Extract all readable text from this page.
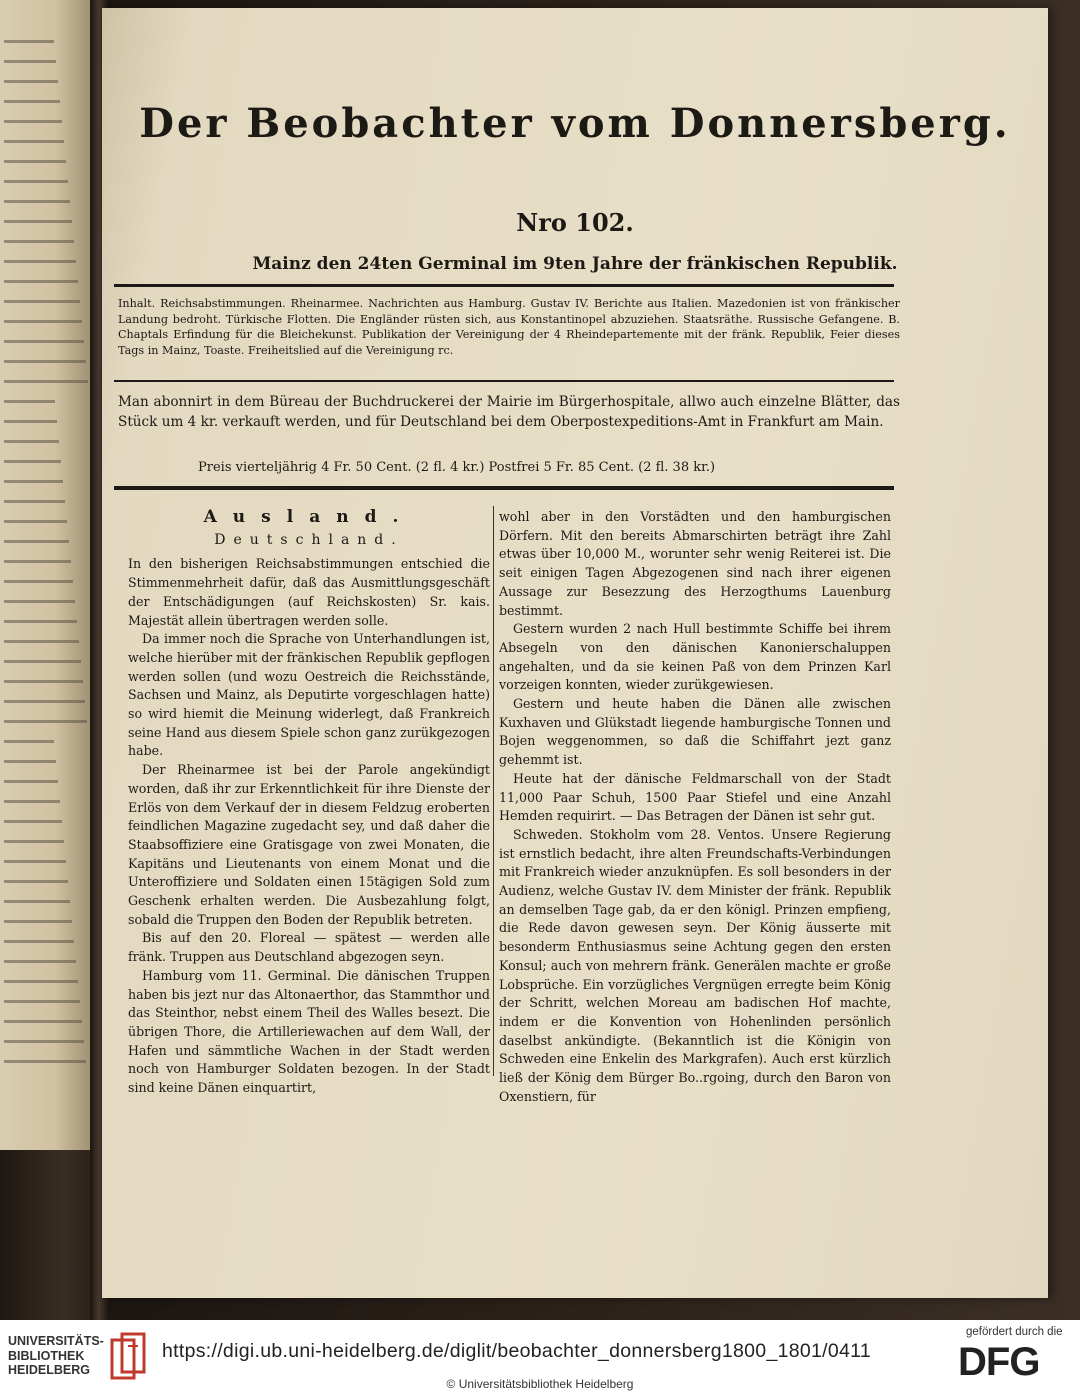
Der Beobachter vom Donnersberg.
Nro 102.
Mainz den 24ten Germinal im 9ten Jahre der fränkischen Republik.
Inhalt. Reichsabstimmungen. Rheinarmee. Nachrichten aus Hamburg. Gustav IV. Berichte aus Italien. Mazedonien ist von fränkischer Landung bedroht. Türkische Flotten. Die Engländer rüsten sich, aus Konstantinopel abzuziehen. Staatsräthe. Russische Gefangene. B. Chaptals Erfindung für die Bleichekunst. Publikation der Vereinigung der 4 Rheindepartemente mit der fränk. Republik, Feier dieses Tags in Mainz, Toaste. Freiheitslied auf die Vereinigung rc.
Man abonnirt in dem Büreau der Buchdruckerei der Mairie im Bürgerhospitale, allwo auch einzelne Blätter, das Stück um 4 kr. verkauft werden, und für Deutschland bei dem Oberpostexpeditions-Amt in Frankfurt am Main.
Preis vierteljährig 4 Fr. 50 Cent. (2 fl. 4 kr.) Postfrei 5 Fr. 85 Cent. (2 fl. 38 kr.)
Ausland.
Deutschland.

In den bisherigen Reichsabstimmungen entschied die Stimmenmehrheit dafür, daß das Ausmittlungsgeschäft der Entschädigungen (auf Reichskosten) Sr. kais. Majestät allein übertragen werden solle.

Da immer noch die Sprache von Unterhandlungen ist, welche hierüber mit der fränkischen Republik gepflogen werden sollen (und wozu Oestreich die Reichsstände, Sachsen und Mainz, als Deputirte vorgeschlagen hatte) so wird hiemit die Meinung widerlegt, daß Frankreich seine Hand aus diesem Spiele schon ganz zurükgezogen habe.

Der Rheinarmee ist bei der Parole angekündigt worden, daß ihr zur Erkenntlichkeit für ihre Dienste der Erlös von dem Verkauf der in diesem Feldzug eroberten feindlichen Magazine zugedacht sey, und daß daher die Staabsoffiziere eine Gratisgage von zwei Monaten, die Kapitäns und Lieutenants von einem Monat und die Unteroffiziere und Soldaten einen 15tägigen Sold zum Geschenk erhalten werden. Die Ausbezahlung folgt, sobald die Truppen den Boden der Republik betreten.

Bis auf den 20. Floreal — spätest — werden alle fränk. Truppen aus Deutschland abgezogen seyn.

Hamburg vom 11. Germinal. Die dänischen Truppen haben bis jezt nur das Altonaerthor, das Stammthor und das Steinthor, nebst einem Theil des Walles besezt. Die übrigen Thore, die Artilleriewachen auf dem Wall, der Hafen und sämmtliche Wachen in der Stadt werden noch von Hamburger Soldaten bezogen. In der Stadt sind keine Dänen einquartirt,

wohl aber in den Vorstädten und den hamburgischen Dörfern. Mit den bereits Abmarschirten beträgt ihre Zahl etwas über 10,000 M., worunter sehr wenig Reiterei ist. Die seit einigen Tagen Abgezogenen sind nach ihrer eigenen Aussage zur Besezzung des Herzogthums Lauenburg bestimmt.

Gestern wurden 2 nach Hull bestimmte Schiffe bei ihrem Absegeln von den dänischen Kanonierschaluppen angehalten, und da sie keinen Paß von dem Prinzen Karl vorzeigen konnten, wieder zurükgewiesen.

Gestern und heute haben die Dänen alle zwischen Kuxhaven und Glükstadt liegende hamburgische Tonnen und Bojen weggenommen, so daß die Schiffahrt jezt ganz gehemmt ist.

Heute hat der dänische Feldmarschall von der Stadt 11,000 Paar Schuh, 1500 Paar Stiefel und eine Anzahl Hemden requirirt. — Das Betragen der Dänen ist sehr gut.

Schweden. Stokholm vom 28. Ventos. Unsere Regierung ist ernstlich bedacht, ihre alten Freundschafts-Verbindungen mit Frankreich wieder anzuknüpfen. Es soll besonders in der Audienz, welche Gustav IV. dem Minister der fränk. Republik an demselben Tage gab, da er den königl. Prinzen empfieng, die Rede davon gewesen seyn. Der König äusserte mit besonderm Enthusiasmus seine Achtung gegen den ersten Konsul; auch von mehrern fränk. Generälen machte er große Lobsprüche. Ein vorzügliches Vergnügen erregte beim König der Schritt, welchen Moreau am badischen Hof machte, indem er die Konvention von Hohenlinden persönlich daselbst ankündigte. (Bekanntlich ist die Königin von Schweden eine Enkelin des Markgrafen). Auch erst kürzlich ließ der König dem Bürger Bo..rgoing, durch den Baron von Oxenstiern, für

UNIVERSITÄTS-
BIBLIOTHEK
HEIDELBERG
https://digi.ub.uni-heidelberg.de/diglit/beobachter_donnersberg1800_1801/0411
© Universitätsbibliothek Heidelberg
gefördert durch die
DFG
